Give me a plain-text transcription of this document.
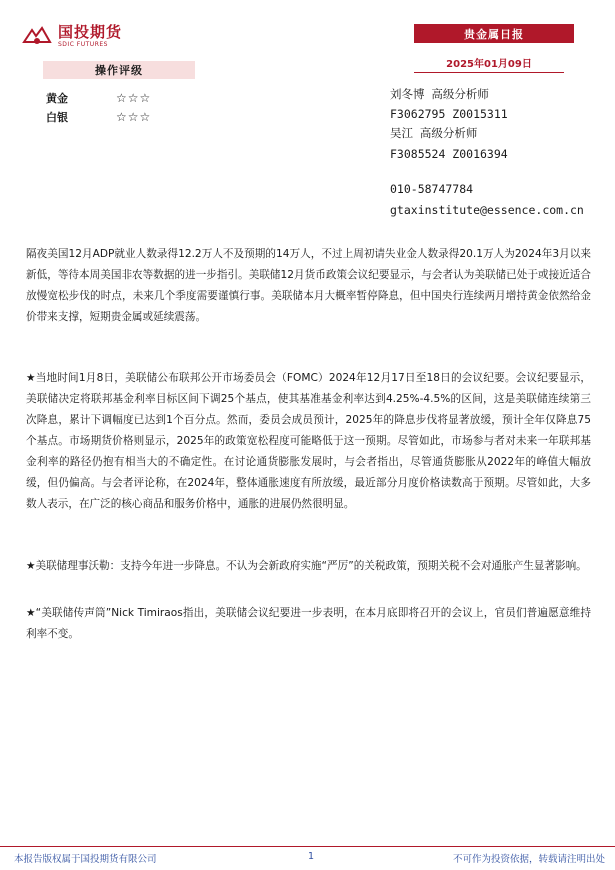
国投期货
SDIC FUTURES
贵金属日报
2025年01月09日
操作评级
黄金	☆☆☆
白银	☆☆☆
刘冬博 高级分析师
F3062795 Z0015311
吴江 高级分析师
F3085524 Z0016394
010-58747784
gtaxinstitute@essence.com.cn

隔夜美国12月ADP就业人数录得12.2万人不及预期的14万人，不过上周初请失业金人数录得20.1万人为2024年3月以来新低，等待本周美国非农等数据的进一步指引。美联储12月货币政策会议纪要显示，与会者认为美联储已处于或接近适合放慢宽松步伐的时点，未来几个季度需要谨慎行事。美联储本月大概率暂停降息，但中国央行连续两月增持黄金依然给金价带来支撑，短期贵金属或延续震荡。

★当地时间1月8日，美联储公布联邦公开市场委员会（FOMC）2024年12月17日至18日的会议纪要。会议纪要显示，美联储决定将联邦基金利率目标区间下调25个基点，使其基准基金利率达到4.25%-4.5%的区间，这是美联储连续第三次降息，累计下调幅度已达到1个百分点。然而，委员会成员预计，2025年的降息步伐将显著放缓，预计全年仅降息75个基点。市场期货价格则显示，2025年的政策宽松程度可能略低于这一预期。尽管如此，市场参与者对未来一年联邦基金利率的路径仍抱有相当大的不确定性。在讨论通货膨胀发展时，与会者指出，尽管通货膨胀从2022年的峰值大幅放缓，但仍偏高。与会者评论称，在2024年，整体通胀速度有所放缓，最近部分月度价格读数高于预期。尽管如此，大多数人表示，在广泛的核心商品和服务价格中，通胀的进展仍然很明显。

★美联储理事沃勒：支持今年进一步降息。不认为会新政府实施“严厉”的关税政策，预期关税不会对通胀产生显著影响。

★“美联储传声筒”Nick Timiraos指出，美联储会议纪要进一步表明，在本月底即将召开的会议上，官员们普遍愿意维持利率不变。

本报告版权属于国投期货有限公司	1	不可作为投资依据，转载请注明出处
